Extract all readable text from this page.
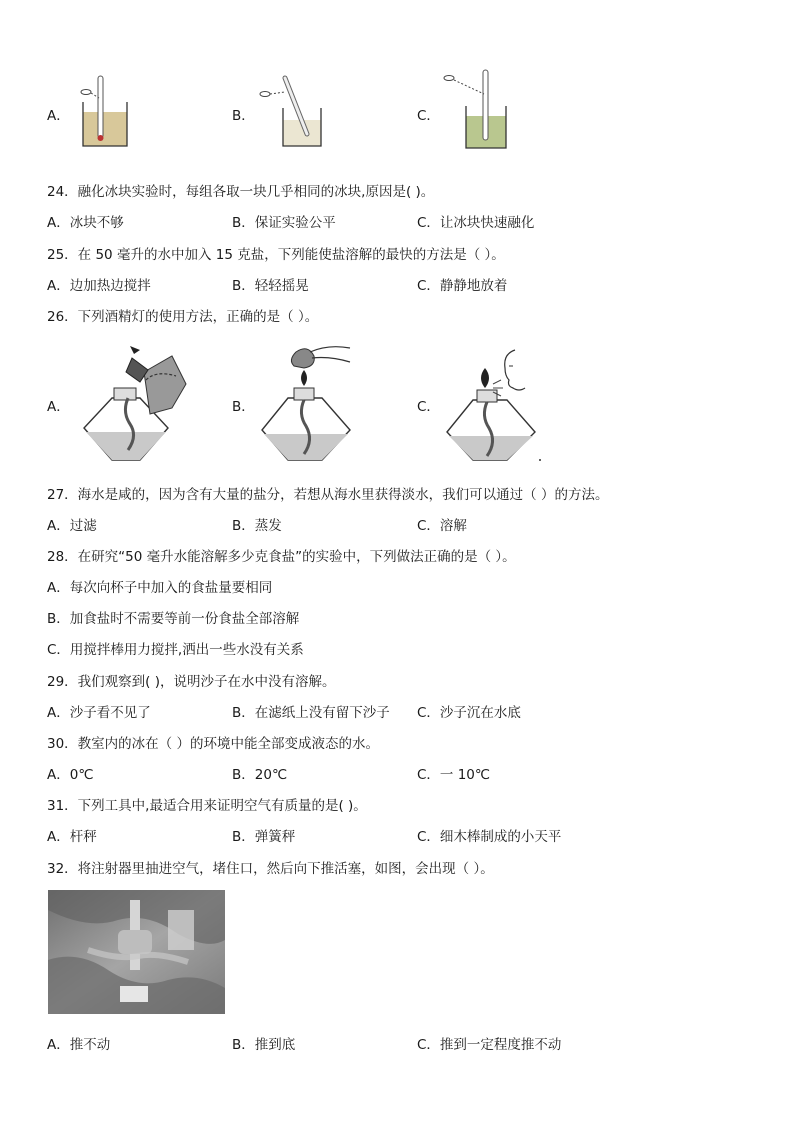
A．	B．	C．
24．融化冰块实验时，每组各取一块几乎相同的冰块,原因是( )。
A．冰块不够	B．保证实验公平	C．让冰块快速融化
25．在 50 毫升的水中加入 15 克盐，下列能使盐溶解的最快的方法是（ ）。
A．边加热边搅拌	B．轻轻摇晃	C．静静地放着
26．下列酒精灯的使用方法，正确的是（ ）。
A．	B．	C．
27．海水是咸的，因为含有大量的盐分，若想从海水里获得淡水，我们可以通过（ ）的方法。
A．过滤	B．蒸发	C．溶解
28．在研究“50 毫升水能溶解多少克食盐”的实验中，下列做法正确的是（ ）。
A．每次向杯子中加入的食盐量要相同
B．加食盐时不需要等前一份食盐全部溶解
C．用搅拌棒用力搅拌,洒出一些水没有关系
29．我们观察到( )，说明沙子在水中没有溶解。
A．沙子看不见了	B．在滤纸上没有留下沙子 C．沙子沉在水底
30．教室内的冰在（ ）的环境中能全部变成液态的水。
A．0℃	B．20℃	C．一 10℃
31．下列工具中,最适合用来证明空气有质量的是( )。
A．杆秤	B．弹簧秤	C．细木棒制成的小天平
32．将注射器里抽进空气，堵住口，然后向下推活塞，如图，会出现（ ）。
A．推不动	B．推到底	C．推到一定程度推不动
